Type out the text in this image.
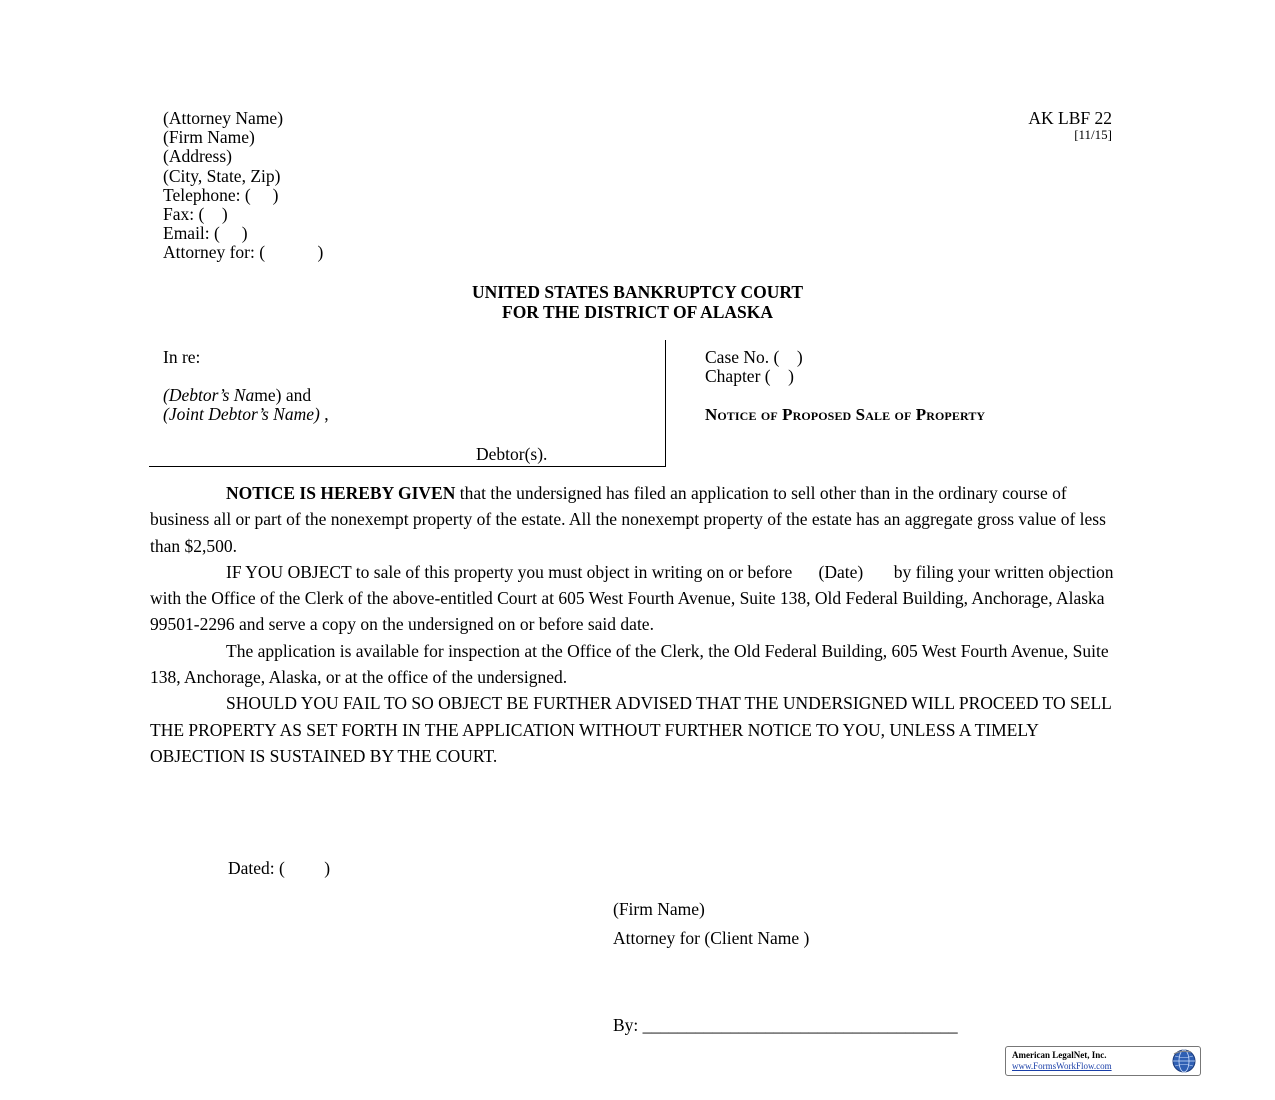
(Attorney Name)
(Firm Name)
(Address)
(City, State, Zip)
Telephone: (     )
Fax: (    )
Email: (     )
Attorney for: (            )
AK LBF 22
[11/15]
UNITED STATES BANKRUPTCY COURT
FOR THE DISTRICT OF ALASKA
In re:
(Debtor’s Name) and
(Joint Debtor’s Name) ,
Debtor(s).
Case No. (    )
Chapter (    )
Notice of Proposed Sale of Property

NOTICE IS HEREBY GIVEN that the undersigned has filed an application to sell other than in the ordinary course of business all or part of the nonexempt property of the estate. All the nonexempt property of the estate has an aggregate gross value of less than $2,500.

IF YOU OBJECT to sale of this property you must object in writing on or before      (Date)       by filing your written objection with the Office of the Clerk of the above-entitled Court at 605 West Fourth Avenue, Suite 138, Old Federal Building, Anchorage, Alaska 99501-2296 and serve a copy on the undersigned on or before said date.

The application is available for inspection at the Office of the Clerk, the Old Federal Building, 605 West Fourth Avenue, Suite 138, Anchorage, Alaska, or at the office of the undersigned.

SHOULD YOU FAIL TO SO OBJECT BE FURTHER ADVISED THAT THE UNDERSIGNED WILL PROCEED TO SELL THE PROPERTY AS SET FORTH IN THE APPLICATION WITHOUT FURTHER NOTICE TO YOU, UNLESS A TIMELY OBJECTION IS SUSTAINED BY THE COURT.

Dated: (         )
(Firm Name)
Attorney for (Client Name )
By: ____________________________________
American LegalNet, Inc.
www.FormsWorkFlow.com
